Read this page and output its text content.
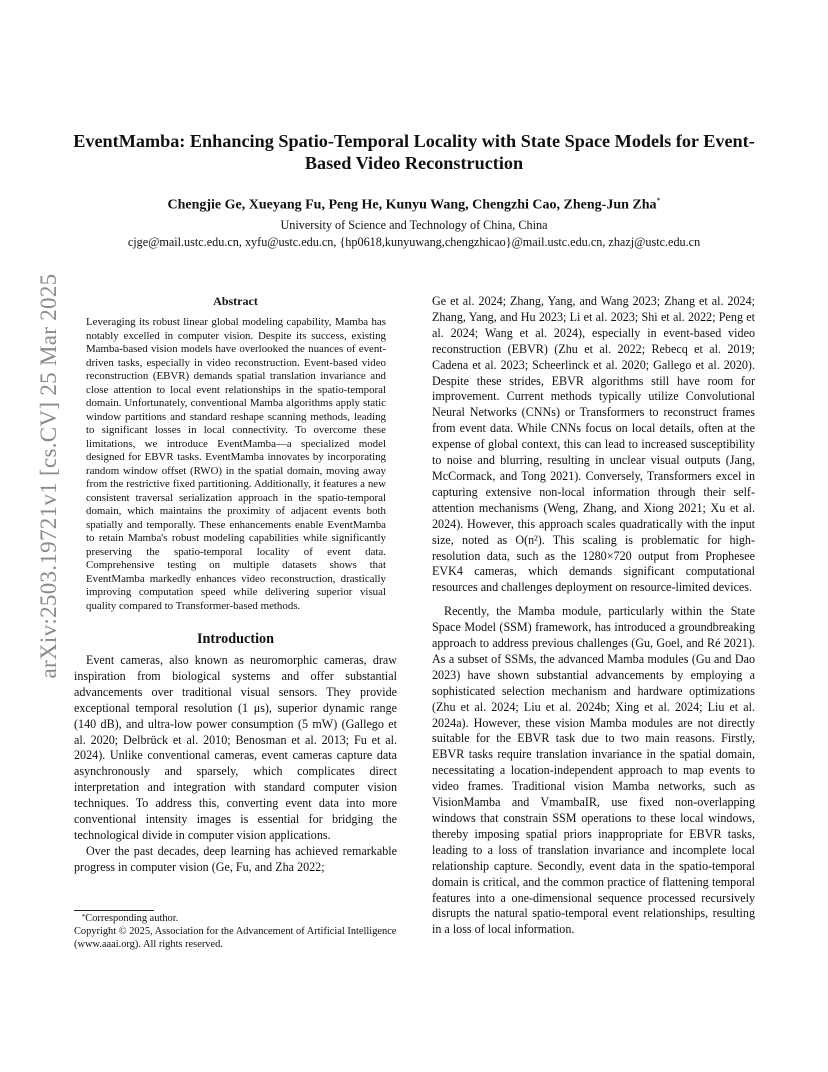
arXiv:2503.19721v1 [cs.CV] 25 Mar 2025
EventMamba: Enhancing Spatio-Temporal Locality with State Space Models for Event-Based Video Reconstruction
Chengjie Ge, Xueyang Fu, Peng He, Kunyu Wang, Chengzhi Cao, Zheng-Jun Zha*
University of Science and Technology of China, China
cjge@mail.ustc.edu.cn, xyfu@ustc.edu.cn, {hp0618,kunyuwang,chengzhicao}@mail.ustc.edu.cn, zhazj@ustc.edu.cn
Abstract

Leveraging its robust linear global modeling capability, Mamba has notably excelled in computer vision. Despite its success, existing Mamba-based vision models have overlooked the nuances of event-driven tasks, especially in video reconstruction. Event-based video reconstruction (EBVR) demands spatial translation invariance and close attention to local event relationships in the spatio-temporal domain. Unfortunately, conventional Mamba algorithms apply static window partitions and standard reshape scanning methods, leading to significant losses in local connectivity. To overcome these limitations, we introduce EventMamba—a specialized model designed for EBVR tasks. EventMamba innovates by incorporating random window offset (RWO) in the spatial domain, moving away from the restrictive fixed partitioning. Additionally, it features a new consistent traversal serialization approach in the spatio-temporal domain, which maintains the proximity of adjacent events both spatially and temporally. These enhancements enable EventMamba to retain Mamba's robust modeling capabilities while significantly preserving the spatio-temporal locality of event data. Comprehensive testing on multiple datasets shows that EventMamba markedly enhances video reconstruction, drastically improving computation speed while delivering superior visual quality compared to Transformer-based methods.

Introduction

Event cameras, also known as neuromorphic cameras, draw inspiration from biological systems and offer substantial advancements over traditional visual sensors. They provide exceptional temporal resolution (1 μs), superior dynamic range (140 dB), and ultra-low power consumption (5 mW) (Gallego et al. 2020; Delbrück et al. 2010; Benosman et al. 2013; Fu et al. 2024). Unlike conventional cameras, event cameras capture data asynchronously and sparsely, which complicates direct interpretation and integration with standard computer vision techniques. To address this, converting event data into more conventional intensity images is essential for bridging the technological divide in computer vision applications.

Over the past decades, deep learning has achieved remarkable progress in computer vision (Ge, Fu, and Zha 2022;

*Corresponding author.
Copyright © 2025, Association for the Advancement of Artificial Intelligence (www.aaai.org). All rights reserved.

Ge et al. 2024; Zhang, Yang, and Wang 2023; Zhang et al. 2024; Zhang, Yang, and Hu 2023; Li et al. 2023; Shi et al. 2022; Peng et al. 2024; Wang et al. 2024), especially in event-based video reconstruction (EBVR) (Zhu et al. 2022; Rebecq et al. 2019; Cadena et al. 2023; Scheerlinck et al. 2020; Gallego et al. 2020). Despite these strides, EBVR algorithms still have room for improvement. Current methods typically utilize Convolutional Neural Networks (CNNs) or Transformers to reconstruct frames from event data. While CNNs focus on local details, often at the expense of global context, this can lead to increased susceptibility to noise and blurring, resulting in unclear visual outputs (Jang, McCormack, and Tong 2021). Conversely, Transformers excel in capturing extensive non-local information through their self-attention mechanisms (Weng, Zhang, and Xiong 2021; Xu et al. 2024). However, this approach scales quadratically with the input size, noted as O(n²). This scaling is problematic for high-resolution data, such as the 1280×720 output from Prophesee EVK4 cameras, which demands significant computational resources and challenges deployment on resource-limited devices.

Recently, the Mamba module, particularly within the State Space Model (SSM) framework, has introduced a groundbreaking approach to address previous challenges (Gu, Goel, and Ré 2021). As a subset of SSMs, the advanced Mamba modules (Gu and Dao 2023) have shown substantial advancements by employing a sophisticated selection mechanism and hardware optimizations (Zhu et al. 2024; Liu et al. 2024b; Xing et al. 2024; Liu et al. 2024a). However, these vision Mamba modules are not directly suitable for the EBVR task due to two main reasons. Firstly, EBVR tasks require translation invariance in the spatial domain, necessitating a location-independent approach to map events to video frames. Traditional vision Mamba networks, such as VisionMamba and VmambaIR, use fixed non-overlapping windows that constrain SSM operations to these local windows, thereby imposing spatial priors inappropriate for EBVR tasks, leading to a loss of translation invariance and incomplete local relationship capture. Secondly, event data in the spatio-temporal domain is critical, and the common practice of flattening temporal features into a one-dimensional sequence processed recursively disrupts the natural spatio-temporal event relationships, resulting in a loss of local information.
